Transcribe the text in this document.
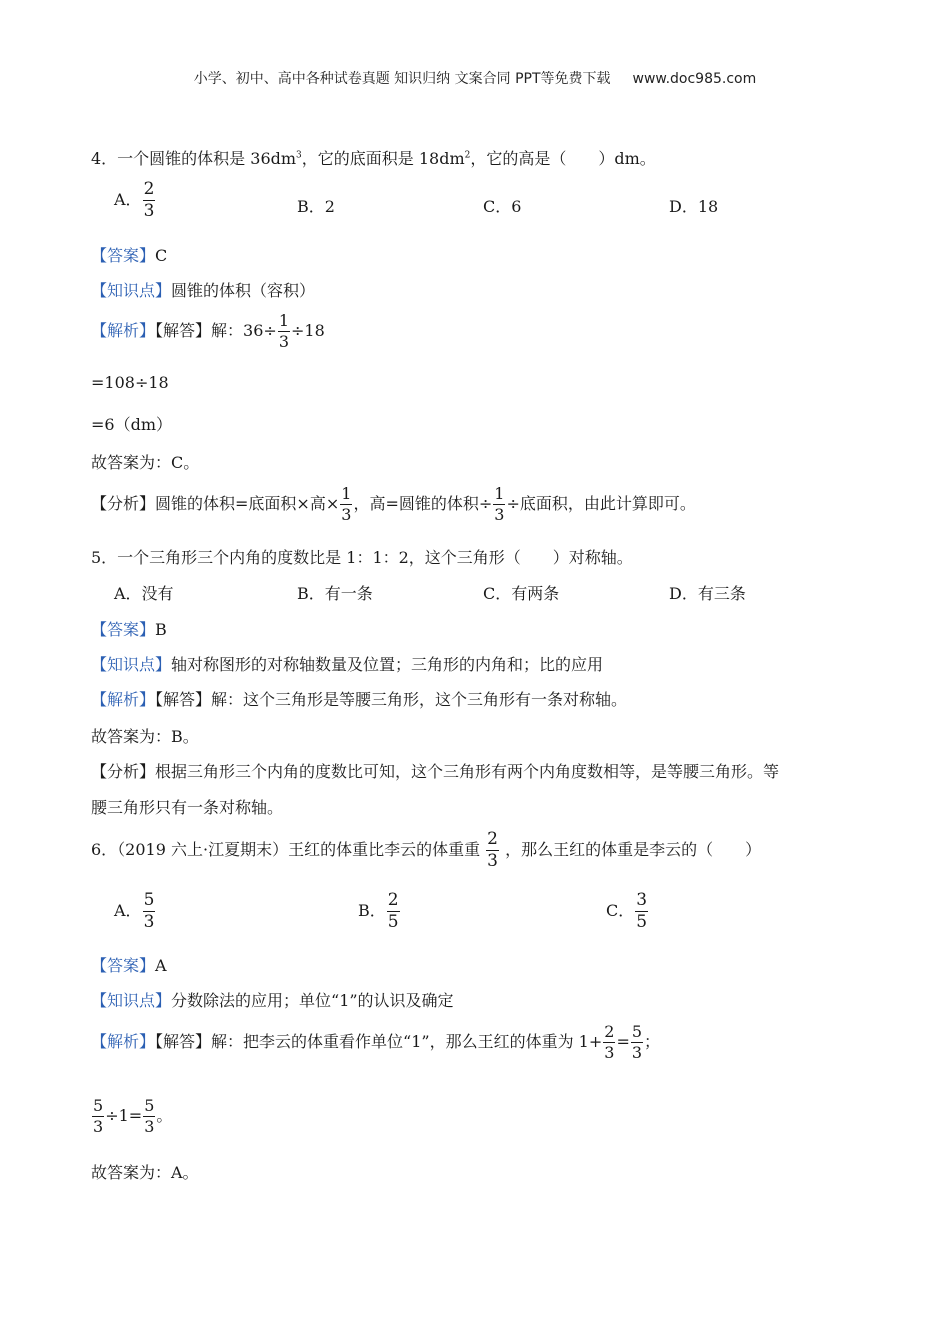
小学、初中、高中各种试卷真题 知识归纳 文案合同 PPT等免费下载 www.doc985.com
4．一个圆锥的体积是 $36dm^3$，它的底面积是 $18dm^2$，它的高是（　　）dm。
A． $\frac{2}{3}$	B．2	C．6	D．18
【答案】C
【知识点】圆锥的体积（容积）
【解析】【解答】解：$36\div \frac{1}{3} \div 18$
=108÷18
=6（dm）
故答案为：C。
【分析】圆锥的体积=底面积×高× $\frac{1}{3}$ ，高=圆锥的体积÷ $\frac{1}{3}$ ÷底面积，由此计算即可。
5．一个三角形三个内角的度数比是 1：1：2，这个三角形（　　）对称轴。
A．没有	B．有一条	C．有两条	D．有三条
【答案】B
【知识点】轴对称图形的对称轴数量及位置；三角形的内角和；比的应用
【解析】【解答】解：这个三角形是等腰三角形，这个三角形有一条对称轴。
故答案为：B。
【分析】根据三角形三个内角的度数比可知，这个三角形有两个内角度数相等，是等腰三角形。等
腰三角形只有一条对称轴。
6．（2019 六上·江夏期末）王红的体重比李云的体重重 $\frac{2}{3}$ ，那么王红的体重是李云的（　　）
A． $\frac{5}{3}$	B． $\frac{2}{5}$	C． $\frac{3}{5}$
【答案】A
【知识点】分数除法的应用；单位“1”的认识及确定
【解析】【解答】解：把李云的体重看作单位“1”，那么王红的体重为 $1+ \frac{2}{3} = \frac{5}{3}$ ；
$\frac{5}{3} \div 1= \frac{5}{3}$ 。
故答案为：A。
